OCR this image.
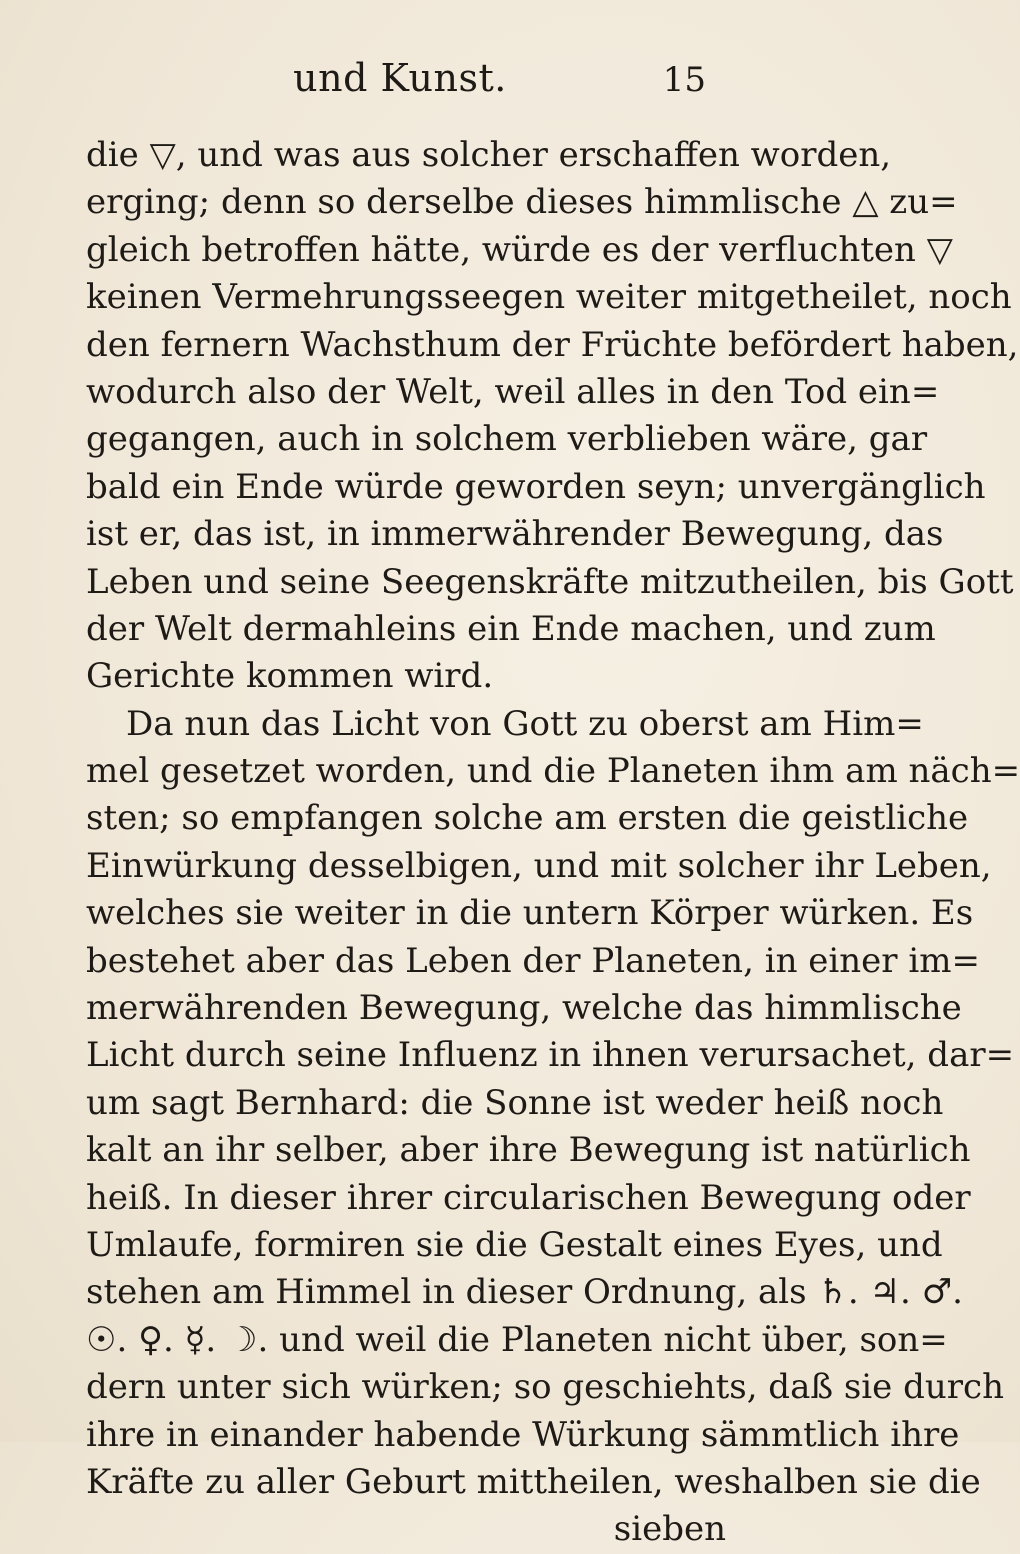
und Kunst.	15
die ▽, und was aus solcher erschaffen worden,
erging; denn so derselbe dieses himmlische △ zu=
gleich betroffen hätte, würde es der verfluchten ▽
keinen Vermehrungsseegen weiter mitgetheilet, noch
den fernern Wachsthum der Früchte befördert haben,
wodurch also der Welt, weil alles in den Tod ein=
gegangen, auch in solchem verblieben wäre, gar
bald ein Ende würde geworden seyn; unvergänglich
ist er, das ist, in immerwährender Bewegung, das
Leben und seine Seegenskräfte mitzutheilen, bis Gott
der Welt dermahleins ein Ende machen, und zum
Gerichte kommen wird.
Da nun das Licht von Gott zu oberst am Him=
mel gesetzet worden, und die Planeten ihm am näch=
sten; so empfangen solche am ersten die geistliche
Einwürkung desselbigen, und mit solcher ihr Leben,
welches sie weiter in die untern Körper würken. Es
bestehet aber das Leben der Planeten, in einer im=
merwährenden Bewegung, welche das himmlische
Licht durch seine Influenz in ihnen verursachet, dar=
um sagt Bernhard: die Sonne ist weder heiß noch
kalt an ihr selber, aber ihre Bewegung ist natürlich
heiß. In dieser ihrer circularischen Bewegung oder
Umlaufe, formiren sie die Gestalt eines Eyes, und
stehen am Himmel in dieser Ordnung, als ♄. ♃. ♂.
☉. ♀. ☿. ☽. und weil die Planeten nicht über, son=
dern unter sich würken; so geschiehts, daß sie durch
ihre in einander habende Würkung sämmtlich ihre
Kräfte zu aller Geburt mittheilen, weshalben sie die
sieben
